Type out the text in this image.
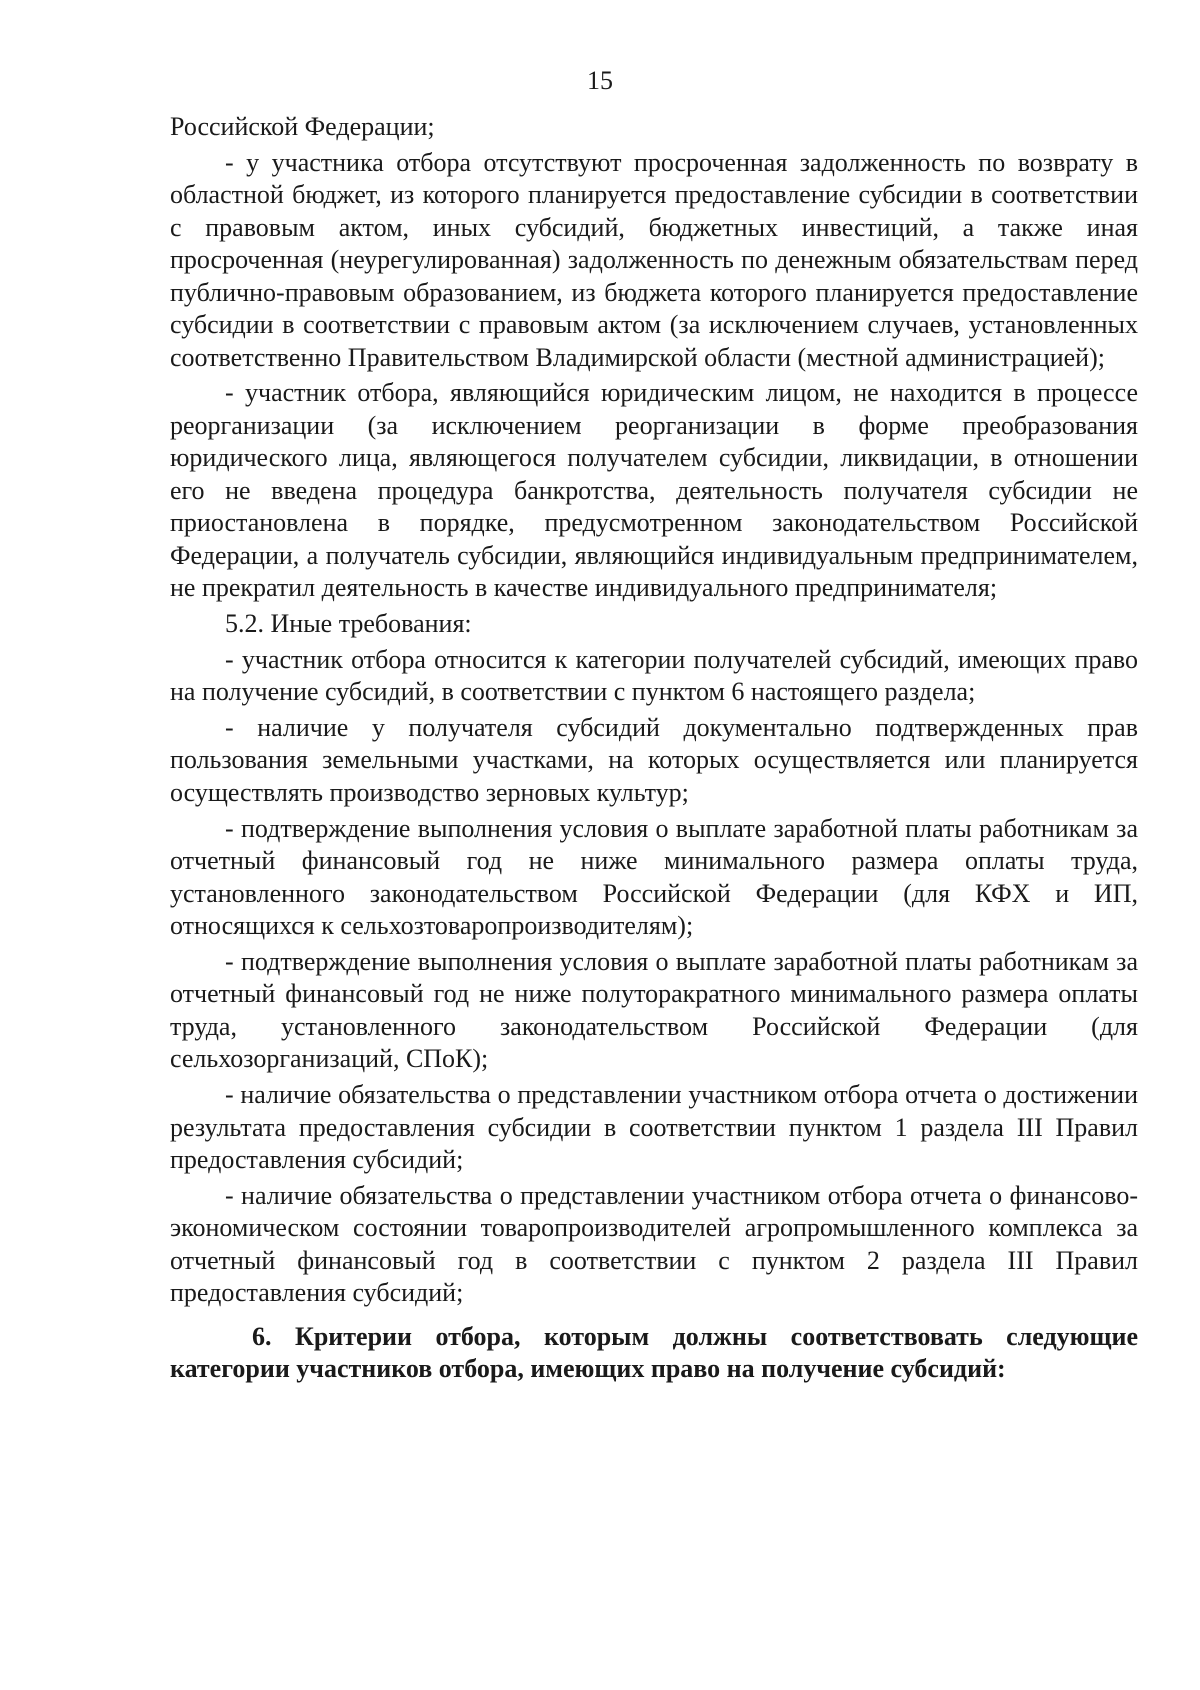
15

Российской Федерации;

- у участника отбора отсутствуют просроченная задолженность по возврату в областной бюджет, из которого планируется предоставление субсидии в соответствии с правовым актом, иных субсидий, бюджетных инвестиций, а также иная просроченная (неурегулированная) задолженность по денежным обязательствам перед публично-правовым образованием, из бюджета которого планируется предоставление субсидии в соответствии с правовым актом (за исключением случаев, установленных соответственно Правительством Владимирской области (местной администрацией);

- участник отбора, являющийся юридическим лицом, не находится в процессе реорганизации (за исключением реорганизации в форме преобразования юридического лица, являющегося получателем субсидии, ликвидации, в отношении его не введена процедура банкротства, деятельность получателя субсидии не приостановлена в порядке, предусмотренном законодательством Российской Федерации, а получатель субсидии, являющийся индивидуальным предпринимателем, не прекратил деятельность в качестве индивидуального предпринимателя;

5.2. Иные требования:

- участник отбора относится к категории получателей субсидий, имеющих право на получение субсидий, в соответствии с пунктом 6 настоящего раздела;

- наличие у получателя субсидий документально подтвержденных прав пользования земельными участками, на которых осуществляется или планируется осуществлять производство зерновых культур;

- подтверждение выполнения условия о выплате заработной платы работникам за отчетный финансовый год не ниже минимального размера оплаты труда, установленного законодательством Российской Федерации (для КФХ и ИП, относящихся к сельхозтоваропроизводителям);

- подтверждение выполнения условия о выплате заработной платы работникам за отчетный финансовый год не ниже полуторакратного минимального размера оплаты труда, установленного законодательством Российской Федерации (для сельхозорганизаций, СПоК);

- наличие обязательства о представлении участником отбора отчета о достижении результата предоставления субсидии в соответствии пунктом 1 раздела III Правил предоставления субсидий;

- наличие обязательства о представлении участником отбора отчета о финансово-экономическом состоянии товаропроизводителей агропромышленного комплекса за отчетный финансовый год в соответствии с пунктом 2 раздела III Правил предоставления субсидий;

6. Критерии отбора, которым должны соответствовать следующие категории участников отбора, имеющих право на получение субсидий:
